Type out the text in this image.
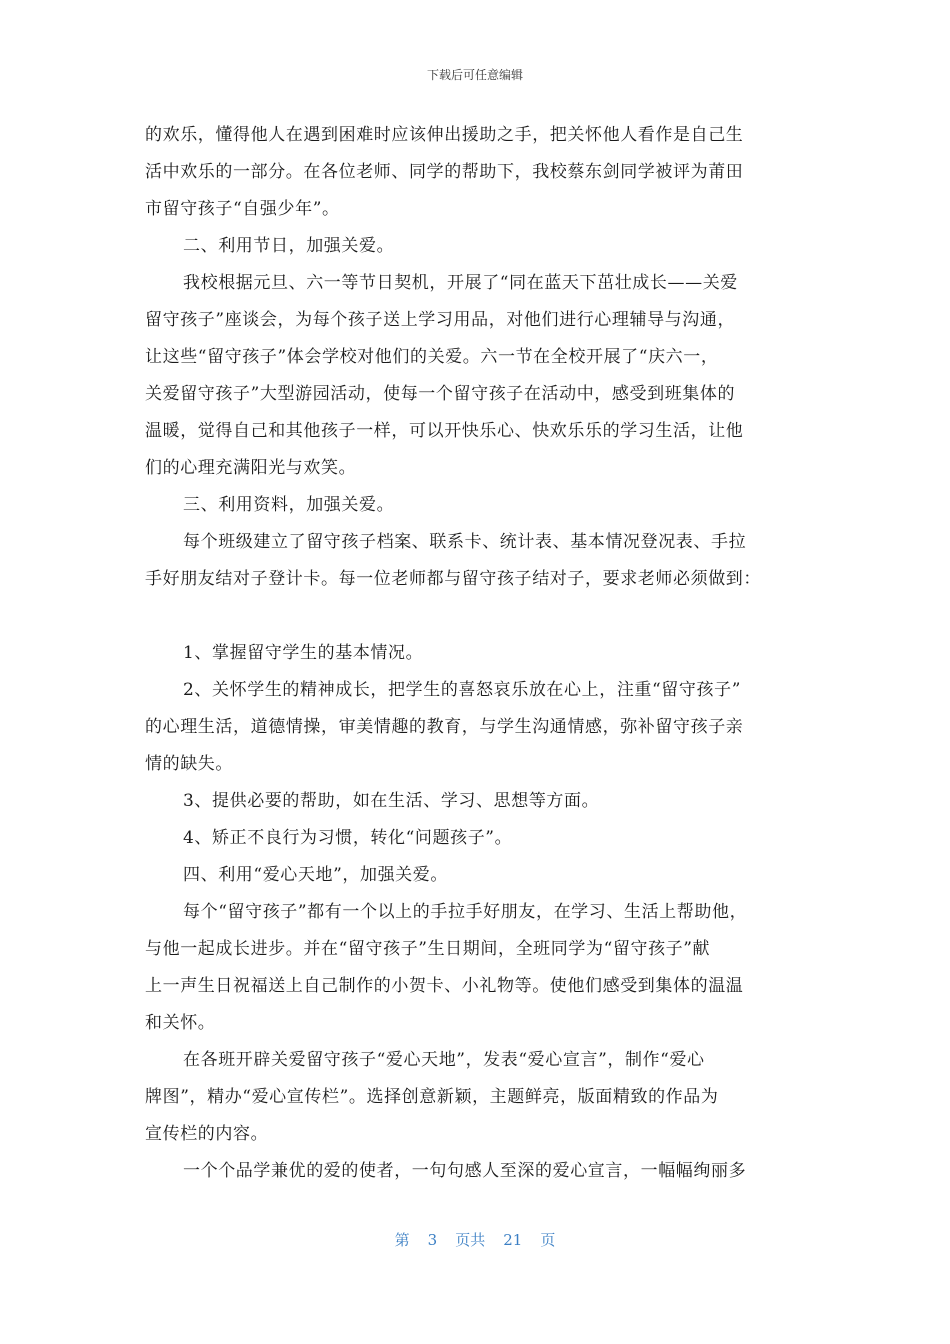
下载后可任意编辑
的欢乐，懂得他人在遇到困难时应该伸出援助之手，把关怀他人看作是自己生
活中欢乐的一部分。在各位老师、同学的帮助下，我校蔡东剑同学被评为莆田
市留守孩子“自强少年”。
二、利用节日，加强关爱。
我校根据元旦、六一等节日契机，开展了“同在蓝天下茁壮成长——关爱
留守孩子”座谈会，为每个孩子送上学习用品，对他们进行心理辅导与沟通，
让这些“留守孩子”体会学校对他们的关爱。六一节在全校开展了“庆六一，
关爱留守孩子”大型游园活动，使每一个留守孩子在活动中，感受到班集体的
温暖，觉得自己和其他孩子一样，可以开快乐心、快欢乐乐的学习生活，让他
们的心理充满阳光与欢笑。
三、利用资料，加强关爱。
每个班级建立了留守孩子档案、联系卡、统计表、基本情况登况表、手拉
手好朋友结对子登计卡。每一位老师都与留守孩子结对子，要求老师必须做到：
1、掌握留守学生的基本情况。
2、关怀学生的精神成长，把学生的喜怒哀乐放在心上，注重“留守孩子”
的心理生活，道德情操，审美情趣的教育，与学生沟通情感，弥补留守孩子亲
情的缺失。
3、提供必要的帮助，如在生活、学习、思想等方面。
4、矫正不良行为习惯，转化“问题孩子”。
四、利用“爱心天地”，加强关爱。
每个“留守孩子”都有一个以上的手拉手好朋友，在学习、生活上帮助他，
与他一起成长进步。并在“留守孩子”生日期间，全班同学为“留守孩子”献
上一声生日祝福送上自己制作的小贺卡、小礼物等。使他们感受到集体的温温
和关怀。
在各班开辟关爱留守孩子“爱心天地”，发表“爱心宣言”，制作“爱心
牌图”，精办“爱心宣传栏”。选择创意新颖，主题鲜亮，版面精致的作品为
宣传栏的内容。
一个个品学兼优的爱的使者，一句句感人至深的爱心宣言，一幅幅绚丽多
第 3 页共 21 页
